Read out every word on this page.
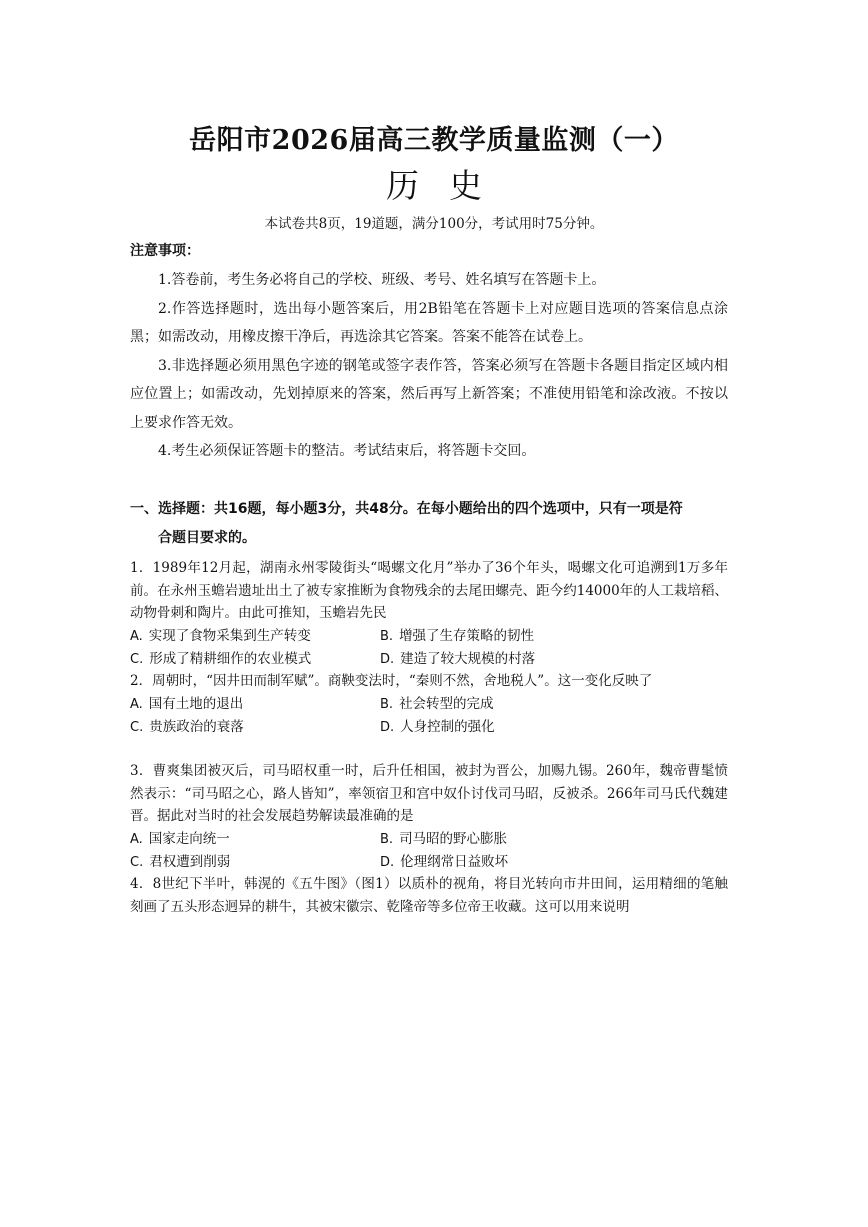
岳阳市2026届高三教学质量监测（一）
历史
本试卷共8页，19道题，满分100分，考试用时75分钟。
注意事项：

1.答卷前，考生务必将自己的学校、班级、考号、姓名填写在答题卡上。

2.作答选择题时，选出每小题答案后，用2B铅笔在答题卡上对应题目选项的答案信息点涂黑；如需改动，用橡皮擦干净后，再选涂其它答案。答案不能答在试卷上。

3.非选择题必须用黑色字迹的钢笔或签字表作答，答案必须写在答题卡各题目指定区域内相应位置上；如需改动，先划掉原来的答案，然后再写上新答案；不准使用铅笔和涂改液。不按以上要求作答无效。

4.考生必须保证答题卡的整洁。考试结束后，将答题卡交回。

一、选择题：共16题，每小题3分，共48分。在每小题给出的四个选项中，只有一项是符
合题目要求的。

1．1989年12月起，湖南永州零陵街头“喝螺文化月”举办了36个年头，喝螺文化可追溯到1万多年前。在永州玉蟾岩遗址出土了被专家推断为食物残余的去尾田螺壳、距今约14000年的人工栽培稻、动物骨刺和陶片。由此可推知，玉蟾岩先民

A. 实现了食物采集到生产转变	B. 增强了生存策略的韧性
C. 形成了精耕细作的农业模式	D. 建造了较大规模的村落

2．周朝时，“因井田而制军赋”。商鞅变法时，“秦则不然，舍地税人”。这一变化反映了

A. 国有土地的退出	B. 社会转型的完成
C. 贵族政治的衰落	D. 人身控制的强化

3．曹爽集团被灭后，司马昭权重一时，后升任相国，被封为晋公，加赐九锡。260年，魏帝曹髦愤然表示：“司马昭之心，路人皆知”，率领宿卫和宫中奴仆讨伐司马昭，反被杀。266年司马氏代魏建晋。据此对当时的社会发展趋势解读最准确的是

A. 国家走向统一	B. 司马昭的野心膨胀
C. 君权遭到削弱	D. 伦理纲常日益败坏

4．8世纪下半叶，韩滉的《五牛图》（图1）以质朴的视角，将目光转向市井田间，运用精细的笔触刻画了五头形态迥异的耕牛，其被宋徽宗、乾隆帝等多位帝王收藏。这可以用来说明
